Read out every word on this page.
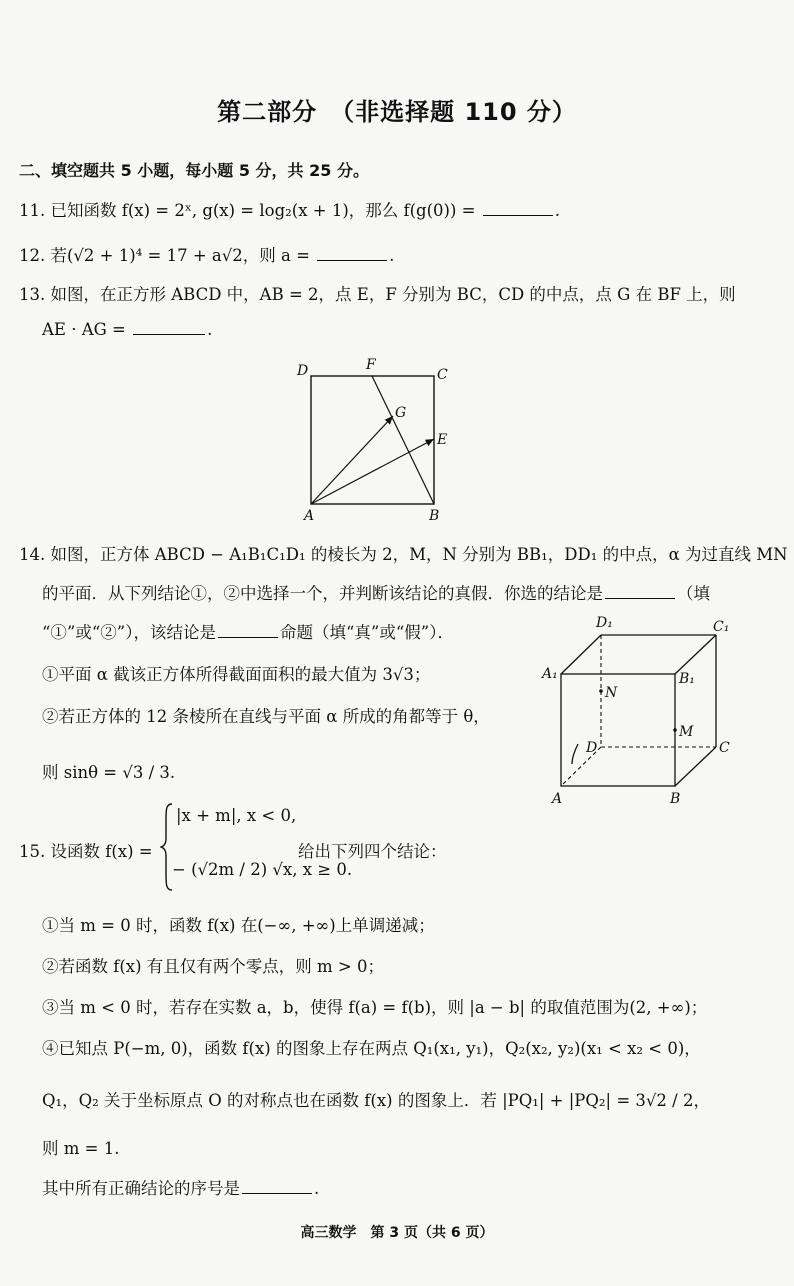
第二部分　（非选择题 110 分）
二、填空题共 5 小题，每小题 5 分，共 25 分。
11. 已知函数 f(x) = 2ˣ, g(x) = log₂(x + 1)，那么 f(g(0)) =	.
12. 若(√2 + 1)⁴ = 17 + a√2，则 a =	.
13. 如图，在正方形 ABCD 中，AB = 2，点 E，F 分别为 BC，CD 的中点，点 G 在 BF 上，则
AE · AG =	.
D	F
C
G
E
A	B
14. 如图，正方体 ABCD − A₁B₁C₁D₁ 的棱长为 2，M，N 分别为 BB₁，DD₁ 的中点，α 为过直线 MN
的平面．从下列结论①，②中选择一个，并判断该结论的真假．你选的结论是	（填
“①”或“②”），该结论是	命题（填“真”或“假”）．
①平面 α 截该正方体所得截面面积的最大值为 3√3；
②若正方体的 12 条棱所在直线与平面 α 所成的角都等于 θ，
则 sinθ = √3 / 3.
D₁	C₁
A₁	B₁
N
M
D	C
A	B
15. 设函数 f(x) =
|x + m|, x < 0,
− (√2m / 2) √x, x ≥ 0.
给出下列四个结论：
①当 m = 0 时，函数 f(x) 在(−∞, +∞)上单调递减；
②若函数 f(x) 有且仅有两个零点，则 m > 0；
③当 m < 0 时，若存在实数 a，b，使得 f(a) = f(b)，则 |a − b| 的取值范围为(2, +∞)；
④已知点 P(−m, 0)，函数 f(x) 的图象上存在两点 Q₁(x₁, y₁)，Q₂(x₂, y₂)(x₁ < x₂ < 0)，
Q₁，Q₂ 关于坐标原点 O 的对称点也在函数 f(x) 的图象上．若 |PQ₁| + |PQ₂| = 3√2 / 2，
则 m = 1.
其中所有正确结论的序号是	.
高三数学　第 3 页（共 6 页）
